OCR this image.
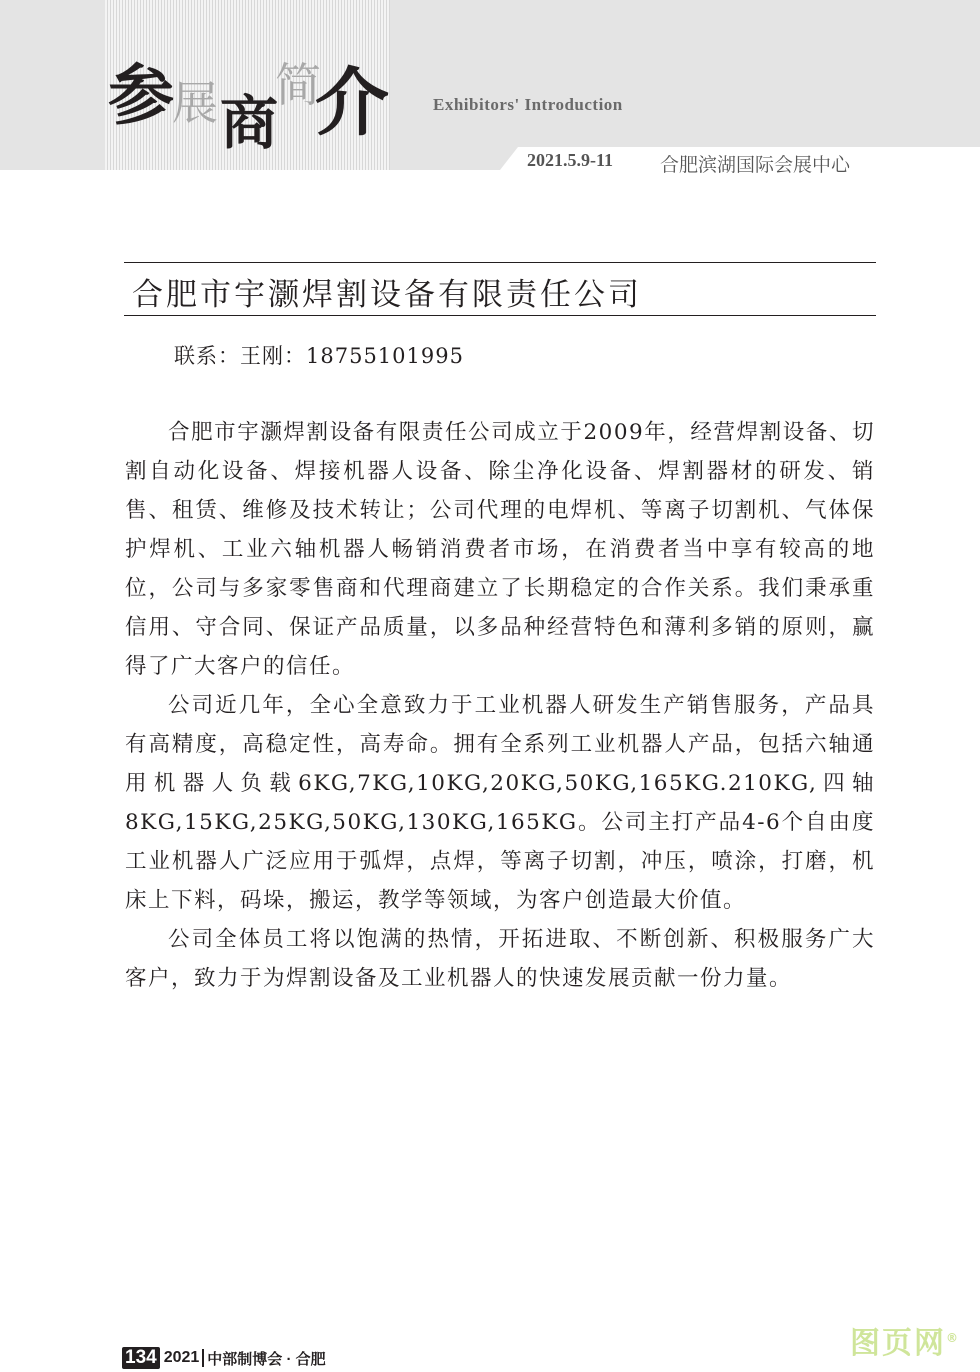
参
展 商
简
介	Exhibitors' Introduction
2021.5.9-11 合肥滨湖国际会展中心
合肥市宇灏焊割设备有限责任公司
联系：王刚：18755101995

合肥市宇灏焊割设备有限责任公司成立于2009年，经营焊割设备、切割自动化设备、焊接机器人设备、除尘净化设备、焊割器材的研发、销售、租赁、维修及技术转让；公司代理的电焊机、等离子切割机、气体保护焊机、工业六轴机器人畅销消费者市场，在消费者当中享有较高的地位，公司与多家零售商和代理商建立了长期稳定的合作关系。我们秉承重信用、守合同、保证产品质量，以多品种经营特色和薄利多销的原则，赢得了广大客户的信任。

公司近几年，全心全意致力于工业机器人研发生产销售服务，产品具有高精度，高稳定性，高寿命。拥有全系列工业机器人产品，包括六轴通用机器人负载6KG,7KG,10KG,20KG,50KG,165KG.210KG,四轴8KG,15KG,25KG,50KG,130KG,165KG。公司主打产品4-6个自由度工业机器人广泛应用于弧焊，点焊，等离子切割，冲压，喷涂，打磨，机床上下料，码垛，搬运，教学等领域，为客户创造最大价值。

公司全体员工将以饱满的热情，开拓进取、不断创新、积极服务广大客户，致力于为焊割设备及工业机器人的快速发展贡献一份力量。

134 2021 中部制博会 · 合肥	图页网®
